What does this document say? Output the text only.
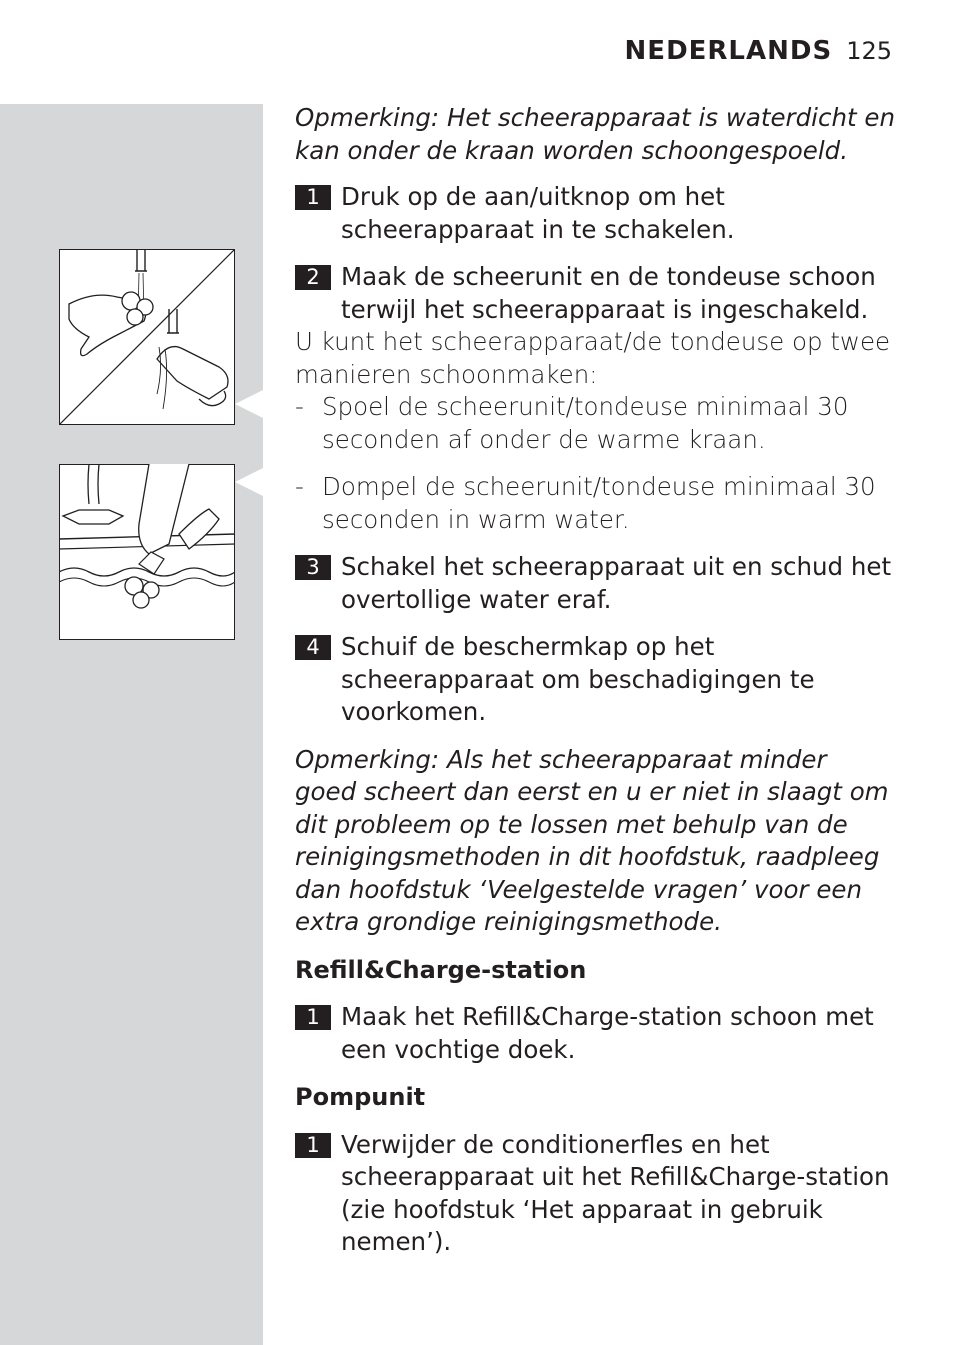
NEDERLANDS 125

Opmerking: Het scheerapparaat is waterdicht en kan onder de kraan worden schoongespoeld.

1 Druk op de aan/uitknop om het scheerapparaat in te schakelen.
2 Maak de scheerunit en de tondeuse schoon terwijl het scheerapparaat is ingeschakeld.

U kunt het scheerapparaat/de tondeuse op twee manieren schoonmaken:

- Spoel de scheerunit/tondeuse minimaal 30 seconden af onder de warme kraan.
- Dompel de scheerunit/tondeuse minimaal 30 seconden in warm water.
3 Schakel het scheerapparaat uit en schud het overtollige water eraf.
4 Schuif de beschermkap op het scheerapparaat om beschadigingen te voorkomen.

Opmerking: Als het scheerapparaat minder goed scheert dan eerst en u er niet in slaagt om dit probleem op te lossen met behulp van de reinigingsmethoden in dit hoofdstuk, raadpleeg dan hoofdstuk ‘Veelgestelde vragen’ voor een extra grondige reinigingsmethode.

Refill&Charge-station

1 Maak het Refill&Charge-station schoon met een vochtige doek.

Pompunit

1 Verwijder de conditionerfles en het scheerapparaat uit het Refill&Charge-station (zie hoofdstuk ‘Het apparaat in gebruik nemen’).
